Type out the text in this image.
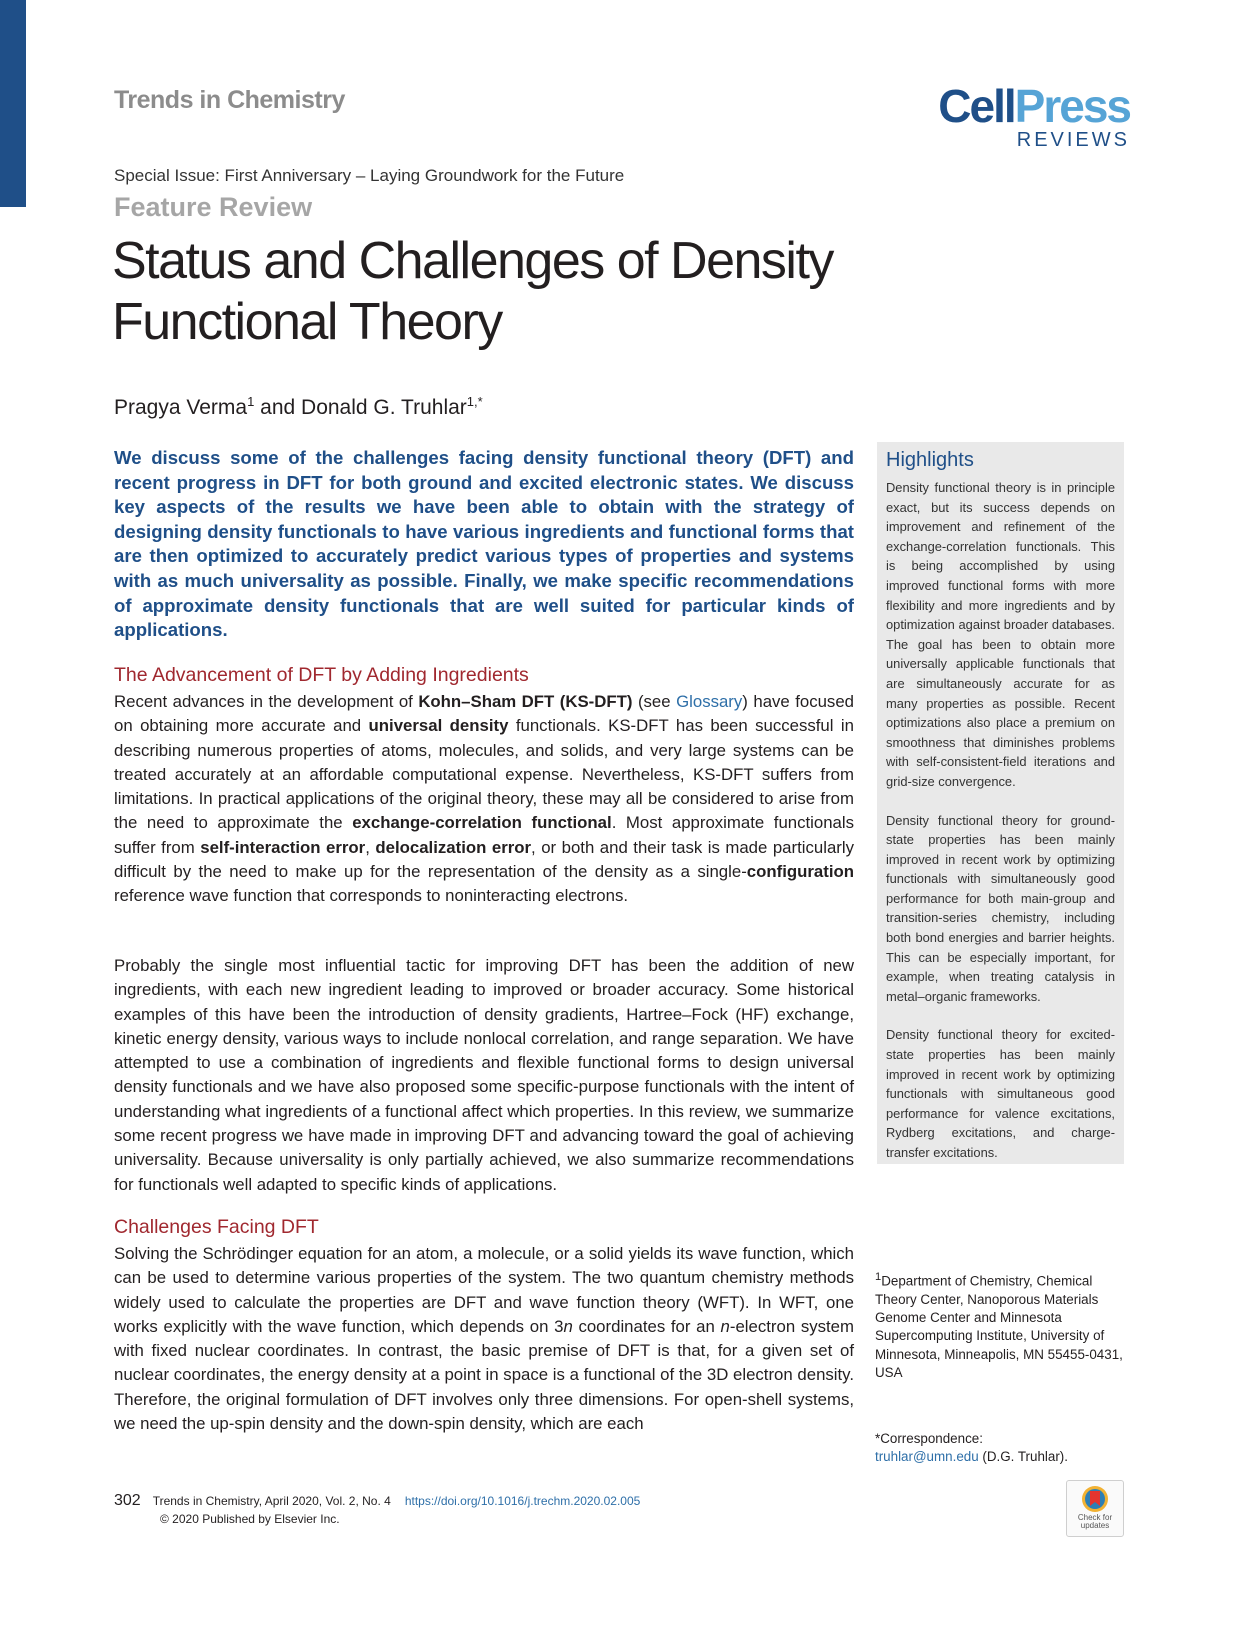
Trends in Chemistry	CellPress
REVIEWS
Special Issue: First Anniversary – Laying Groundwork for the Future
Feature Review
Status and Challenges of Density Functional Theory
Pragya Verma$^1$ and Donald G. Truhlar$^{1,*}$

We discuss some of the challenges facing density functional theory (DFT) and recent progress in DFT for both ground and excited electronic states. We discuss key aspects of the results we have been able to obtain with the strategy of designing density functionals to have various ingredients and functional forms that are then optimized to accurately predict various types of properties and systems with as much universality as possible. Finally, we make specific recommendations of approximate density functionals that are well suited for particular kinds of applications.

The Advancement of DFT by Adding Ingredients

Recent advances in the development of Kohn–Sham DFT (KS-DFT) (see Glossary) have focused on obtaining more accurate and universal density functionals. KS-DFT has been successful in describing numerous properties of atoms, molecules, and solids, and very large systems can be treated accurately at an affordable computational expense. Nevertheless, KS-DFT suffers from limitations. In practical applications of the original theory, these may all be considered to arise from the need to approximate the exchange-correlation functional. Most approximate functionals suffer from self-interaction error, delocalization error, or both and their task is made particularly difficult by the need to make up for the representation of the density as a single-configuration reference wave function that corresponds to noninteracting electrons.

Probably the single most influential tactic for improving DFT has been the addition of new ingredients, with each new ingredient leading to improved or broader accuracy. Some historical examples of this have been the introduction of density gradients, Hartree–Fock (HF) exchange, kinetic energy density, various ways to include nonlocal correlation, and range separation. We have attempted to use a combination of ingredients and flexible functional forms to design universal density functionals and we have also proposed some specific-purpose functionals with the intent of understanding what ingredients of a functional affect which properties. In this review, we summarize some recent progress we have made in improving DFT and advancing toward the goal of achieving universality. Because universality is only partially achieved, we also summarize recommendations for functionals well adapted to specific kinds of applications.

Challenges Facing DFT

Solving the Schrödinger equation for an atom, a molecule, or a solid yields its wave function, which can be used to determine various properties of the system. The two quantum chemistry methods widely used to calculate the properties are DFT and wave function theory (WFT). In WFT, one works explicitly with the wave function, which depends on 3n coordinates for an n-electron system with fixed nuclear coordinates. In contrast, the basic premise of DFT is that, for a given set of nuclear coordinates, the energy density at a point in space is a functional of the 3D electron density. Therefore, the original formulation of DFT involves only three dimensions. For open-shell systems, we need the up-spin density and the down-spin density, which are each

Highlights

Density functional theory is in principle exact, but its success depends on improvement and refinement of the exchange-correlation functionals. This is being accomplished by using improved functional forms with more flexibility and more ingredients and by optimization against broader databases. The goal has been to obtain more universally applicable functionals that are simultaneously accurate for as many properties as possible. Recent optimizations also place a premium on smoothness that diminishes problems with self-consistent-field iterations and grid-size convergence.

Density functional theory for ground-state properties has been mainly improved in recent work by optimizing functionals with simultaneously good performance for both main-group and transition-series chemistry, including both bond energies and barrier heights. This can be especially important, for example, when treating catalysis in metal–organic frameworks.

Density functional theory for excited-state properties has been mainly improved in recent work by optimizing functionals with simultaneous good performance for valence excitations, Rydberg excitations, and charge-transfer excitations.

$^1$Department of Chemistry, Chemical Theory Center, Nanoporous Materials Genome Center and Minnesota Supercomputing Institute, University of Minnesota, Minneapolis, MN 55455-0431, USA

*Correspondence:
truhlar@umn.edu (D.G. Truhlar).
302 Trends in Chemistry, April 2020, Vol. 2, No. 4 https://doi.org/10.1016/j.trechm.2020.02.005
© 2020 Published by Elsevier Inc.	Check for
updates
